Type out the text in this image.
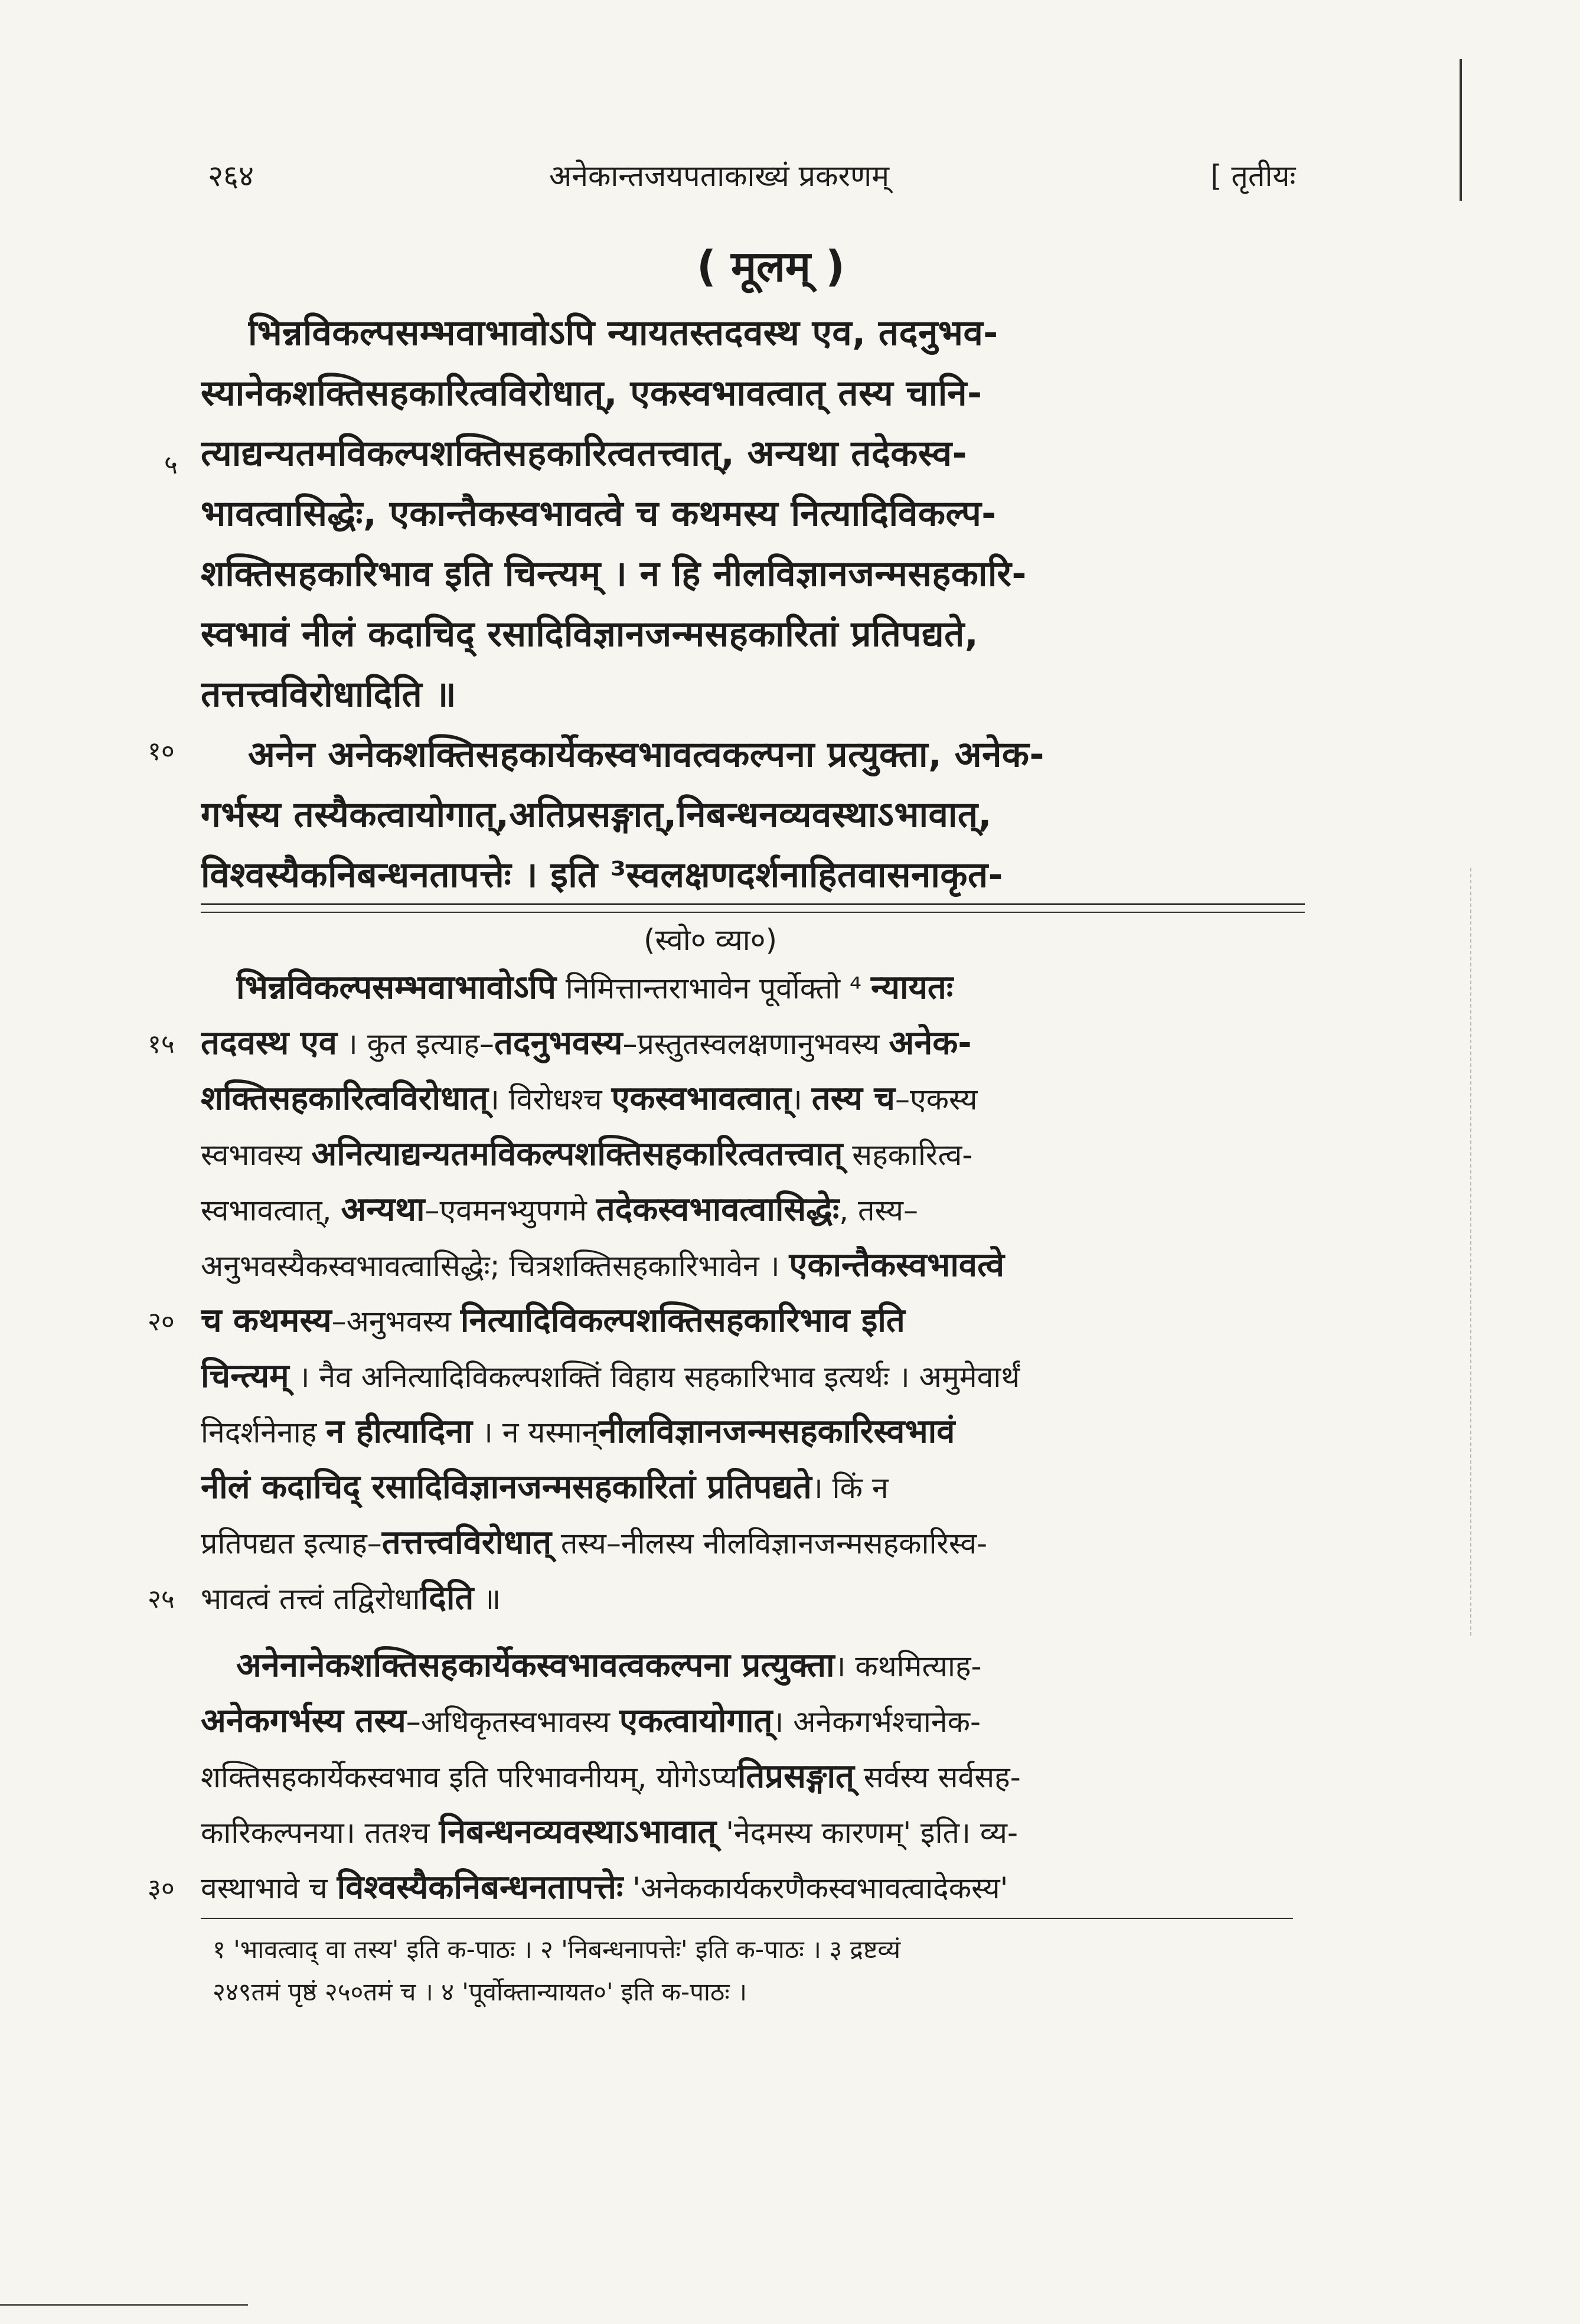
२६४	अनेकान्तजयपताकाख्यं प्रकरणम्	[ तृतीयः
( मूलम् )
भिन्नविकल्पसम्भवाभावोऽपि न्यायतस्तदवस्थ एव, तदनुभव-
स्यानेकशक्तिसहकारित्वविरोधात्, एकस्वभावत्वात् तस्य चानि-
त्याद्यन्यतमविकल्पशक्तिसहकारित्वतत्त्वात्, अन्यथा तदेकस्व-
भावत्वासिद्धेः, एकान्तैकस्वभावत्वे च कथमस्य नित्यादिविकल्प-
शक्तिसहकारिभाव इति चिन्त्यम् । न हि नीलविज्ञानजन्मसहकारि-
स्वभावं नीलं कदाचिद् रसादिविज्ञानजन्मसहकारितां प्रतिपद्यते,
तत्तत्त्वविरोधादिति ॥
अनेन अनेकशक्तिसहकार्येकस्वभावत्वकल्पना प्रत्युक्ता, अनेक-
गर्भस्य तस्यैकत्वायोगात्,अतिप्रसङ्गात्,निबन्धनव्यवस्थाऽभावात्,
विश्वस्यैकनिबन्धनतापत्तेः । इति ³स्वलक्षणदर्शनाहितवासनाकृत-
५
१०
(स्वो० व्या०)
भिन्नविकल्पसम्भवाभावोऽपि निमित्तान्तराभावेन पूर्वोक्तो ⁴ न्यायतः
तदवस्थ एव । कुत इत्याह–तदनुभवस्य–प्रस्तुतस्वलक्षणानुभवस्य अनेक-
शक्तिसहकारित्वविरोधात्। विरोधश्च एकस्वभावत्वात्। तस्य च–एकस्य
स्वभावस्य अनित्याद्यन्यतमविकल्पशक्तिसहकारित्वतत्त्वात् सहकारित्व-
स्वभावत्वात्, अन्यथा–एवमनभ्युपगमे तदेकस्वभावत्वासिद्धेः, तस्य–
अनुभवस्यैकस्वभावत्वासिद्धेः; चित्रशक्तिसहकारिभावेन । एकान्तैकस्वभावत्वे
च कथमस्य–अनुभवस्य नित्यादिविकल्पशक्तिसहकारिभाव इति
चिन्त्यम् । नैव अनित्यादिविकल्पशक्तिं विहाय सहकारिभाव इत्यर्थः । अमुमेवार्थं
निदर्शनेनाह न हीत्यादिना । न यस्मान्नीलविज्ञानजन्मसहकारिस्वभावं
नीलं कदाचिद् रसादिविज्ञानजन्मसहकारितां प्रतिपद्यते। किं न
प्रतिपद्यत इत्याह–तत्तत्त्वविरोधात् तस्य–नीलस्य नीलविज्ञानजन्मसहकारिस्व-
भावत्वं तत्त्वं तद्विरोधादिति ॥
अनेनानेकशक्तिसहकार्येकस्वभावत्वकल्पना प्रत्युक्ता। कथमित्याह-
अनेकगर्भस्य तस्य–अधिकृतस्वभावस्य एकत्वायोगात्। अनेकगर्भश्चानेक-
शक्तिसहकार्येकस्वभाव इति परिभावनीयम्, योगेऽप्यतिप्रसङ्गात् सर्वस्य सर्वसह-
कारिकल्पनया। ततश्च निबन्धनव्यवस्थाऽभावात् 'नेदमस्य कारणम्' इति। व्य-
वस्थाभावे च विश्वस्यैकनिबन्धनतापत्तेः 'अनेककार्यकरणैकस्वभावत्वादेकस्य'
१५
२०
२५
३०
१ 'भावत्वाद् वा तस्य' इति क-पाठः । २ 'निबन्धनापत्तेः' इति क-पाठः । ३ द्रष्टव्यं
२४९तमं पृष्ठं २५०तमं च । ४ 'पूर्वोक्तान्यायत०' इति क-पाठः ।
